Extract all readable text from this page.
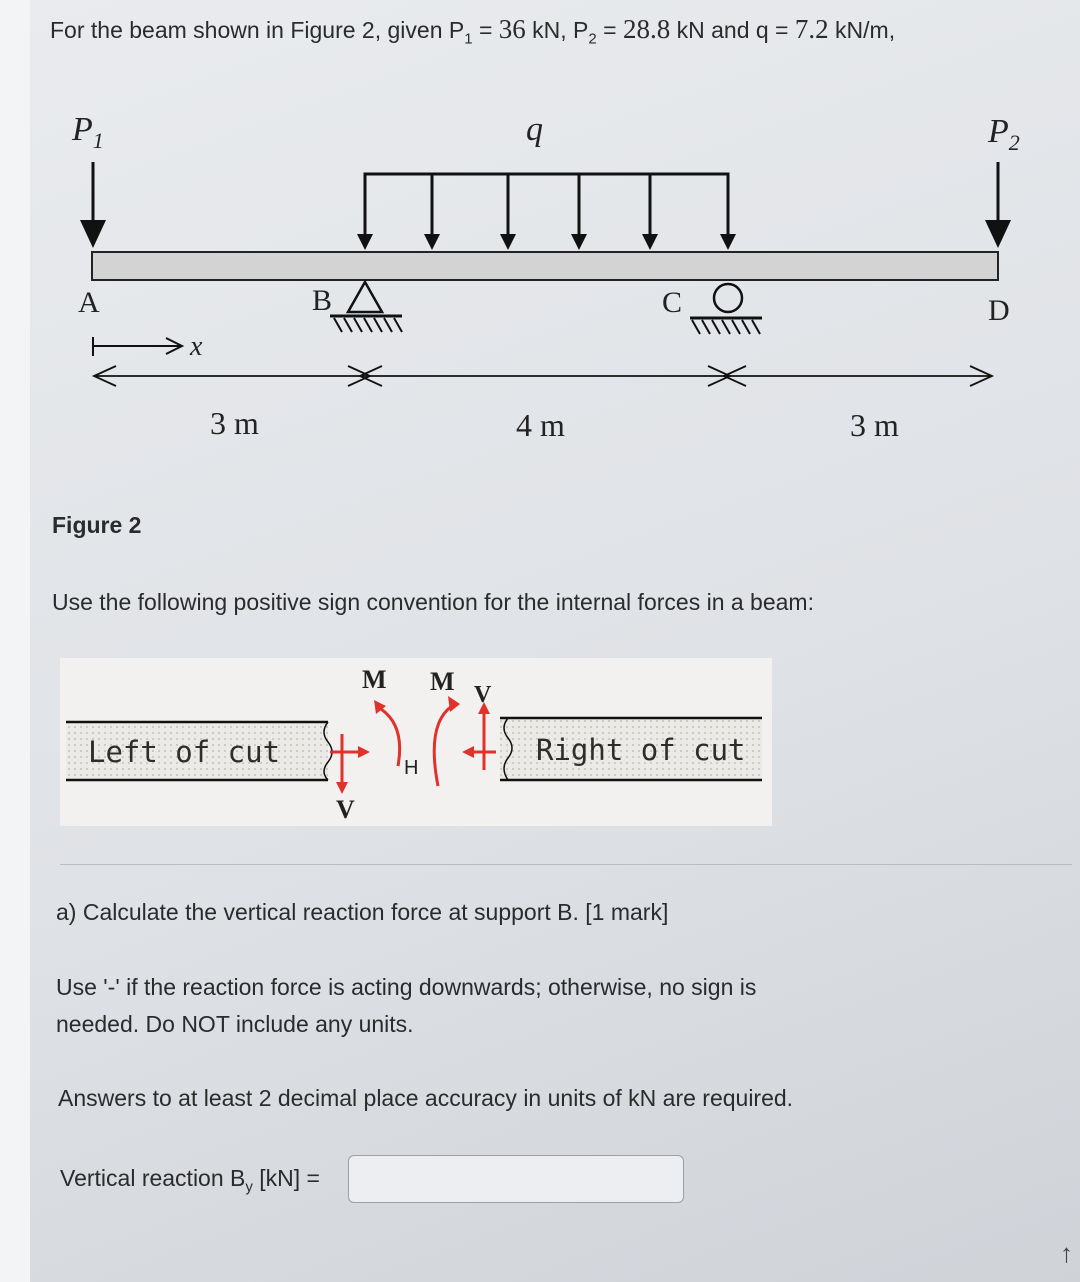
For the beam shown in Figure 2, given $P_1 = 36$ kN, $P_2 = 28.8$ kN and q = 7.2 kN/m,
$P_1$	q	$P_2$
A	B	C	D
x
3 m	4 m	3 m
Figure 2
Use the following positive sign convention for the internal forces in a beam:
Left of cut	Right of cut
M M V
V
H
a) Calculate the vertical reaction force at support B. [1 mark]
Use '-' if the reaction force is acting downwards; otherwise, no sign is
needed. Do NOT include any units.
Answers to at least 2 decimal place accuracy in units of kN are required.
Vertical reaction $B_y$ [kN] =
↑
